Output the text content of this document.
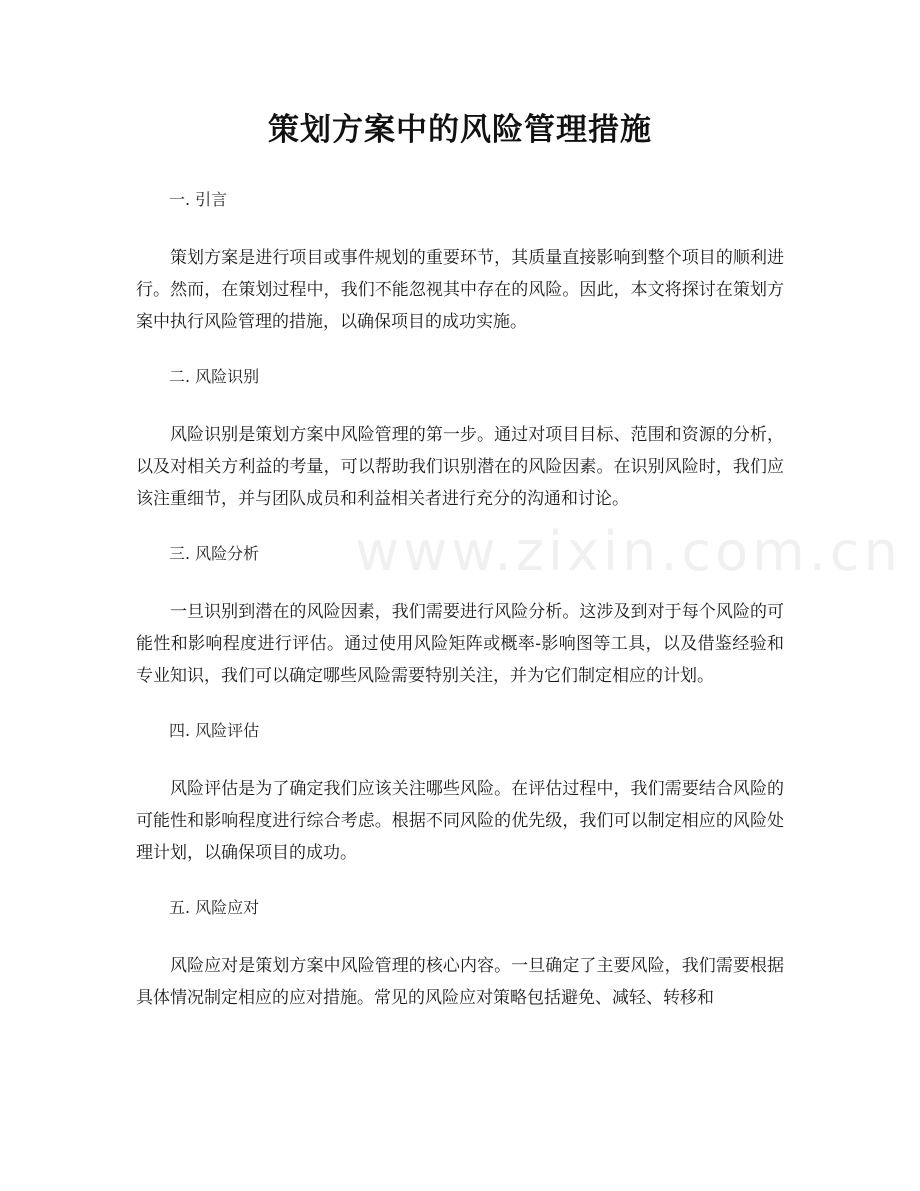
www.zixin.com.cn
策划方案中的风险管理措施

一. 引言

策划方案是进行项目或事件规划的重要环节，其质量直接影响到整个项目的顺利进行。然而，在策划过程中，我们不能忽视其中存在的风险。因此，本文将探讨在策划方案中执行风险管理的措施，以确保项目的成功实施。

二. 风险识别

风险识别是策划方案中风险管理的第一步。通过对项目目标、范围和资源的分析，以及对相关方利益的考量，可以帮助我们识别潜在的风险因素。在识别风险时，我们应该注重细节，并与团队成员和利益相关者进行充分的沟通和讨论。

三. 风险分析

一旦识别到潜在的风险因素，我们需要进行风险分析。这涉及到对于每个风险的可能性和影响程度进行评估。通过使用风险矩阵或概率-影响图等工具，以及借鉴经验和专业知识，我们可以确定哪些风险需要特别关注，并为它们制定相应的计划。

四. 风险评估

风险评估是为了确定我们应该关注哪些风险。在评估过程中，我们需要结合风险的可能性和影响程度进行综合考虑。根据不同风险的优先级，我们可以制定相应的风险处理计划，以确保项目的成功。

五. 风险应对

风险应对是策划方案中风险管理的核心内容。一旦确定了主要风险，我们需要根据具体情况制定相应的应对措施。常见的风险应对策略包括避免、减轻、转移和
